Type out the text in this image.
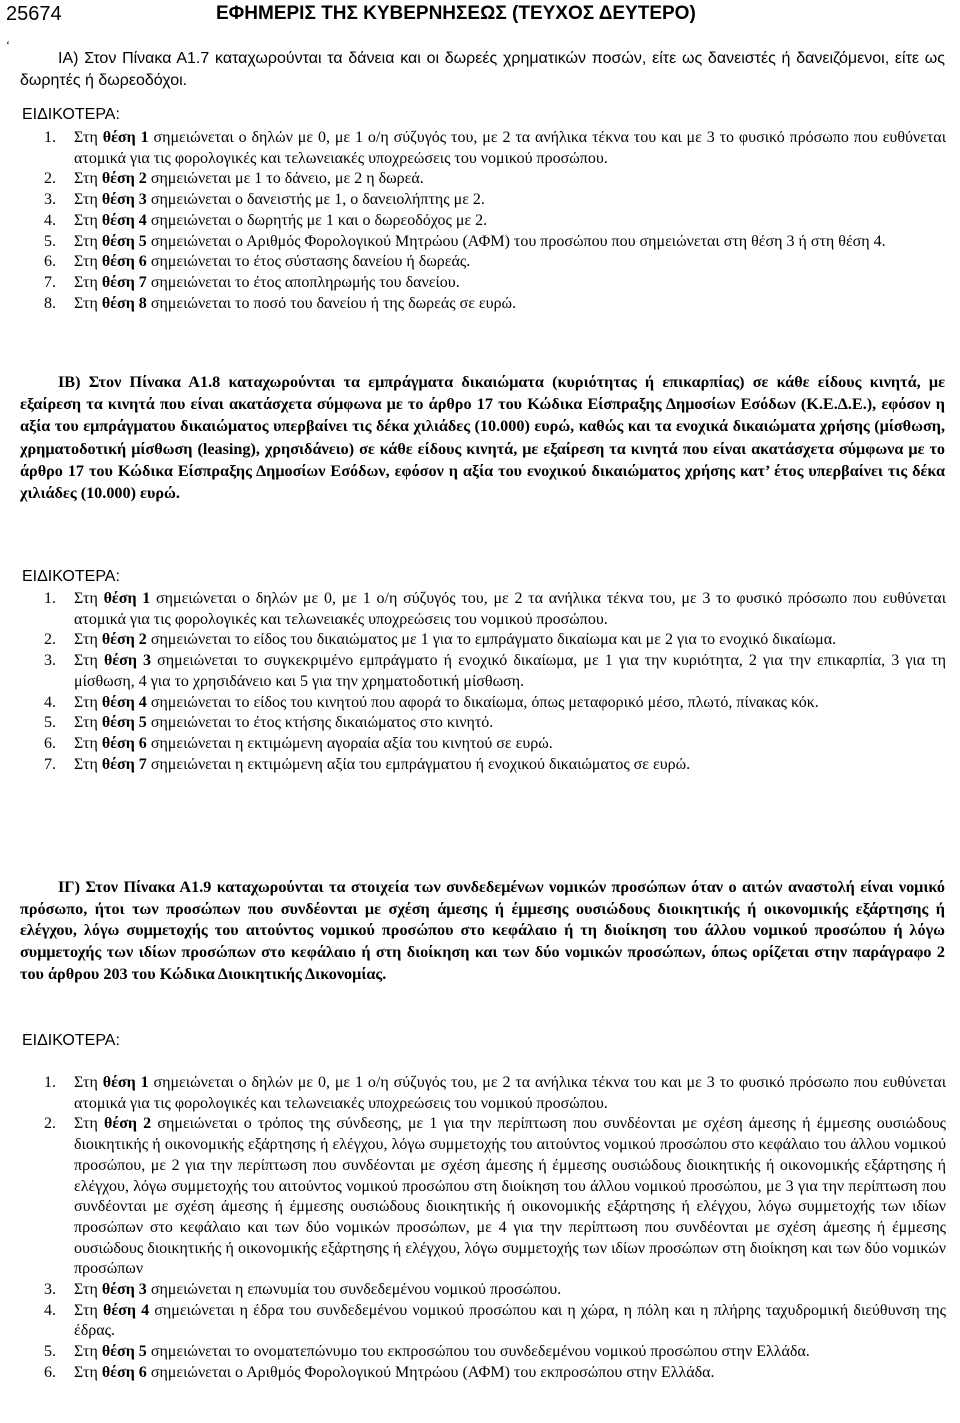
25674	ΕΦΗΜΕΡΙΣ ΤΗΣ ΚΥΒΕΡΝΗΣΕΩΣ (ΤΕΥΧΟΣ ΔΕΥΤΕΡΟ)
ʻ
ΙΑ) Στον Πίνακα Α1.7 καταχωρούνται τα δάνεια και οι δωρεές χρηματικών ποσών, είτε ως δανειστές ή δανειζόμενοι, είτε ως δωρητές ή δωρεοδόχοι.
ΕΙΔΙΚΟΤΕΡΑ:
1. Στη θέση 1 σημειώνεται ο δηλών με 0, με 1 ο/η σύζυγός του, με 2 τα ανήλικα τέκνα του και με 3 το φυσικό πρόσωπο που ευθύνεται ατομικά για τις φορολογικές και τελωνειακές υποχρεώσεις του νομικού προσώπου.
2. Στη θέση 2 σημειώνεται με 1 το δάνειο, με 2 η δωρεά.
3. Στη θέση 3 σημειώνεται ο δανειστής με 1, ο δανειολήπτης με 2.
4. Στη θέση 4 σημειώνεται ο δωρητής με 1 και ο δωρεοδόχος με 2.
5. Στη θέση 5 σημειώνεται ο Αριθμός Φορολογικού Μητρώου (ΑΦΜ) του προσώπου που σημειώνεται στη θέση 3 ή στη θέση 4.
6. Στη θέση 6 σημειώνεται το έτος σύστασης δανείου ή δωρεάς.
7. Στη θέση 7 σημειώνεται το έτος αποπληρωμής του δανείου.
8. Στη θέση 8 σημειώνεται το ποσό του δανείου ή της δωρεάς σε ευρώ.
ΙΒ) Στον Πίνακα Α1.8 καταχωρούνται τα εμπράγματα δικαιώματα (κυριότητας ή επικαρπίας) σε κάθε είδους κινητά, με εξαίρεση τα κινητά που είναι ακατάσχετα σύμφωνα με το άρθρο 17 του Κώδικα Είσπραξης Δημοσίων Εσόδων (Κ.Ε.Δ.Ε.), εφόσον η αξία του εμπράγματου δικαιώματος υπερβαίνει τις δέκα χιλιάδες (10.000) ευρώ, καθώς και τα ενοχικά δικαιώματα χρήσης (μίσθωση, χρηματοδοτική μίσθωση (leasing), χρησιδάνειο) σε κάθε είδους κινητά, με εξαίρεση τα κινητά που είναι ακατάσχετα σύμφωνα με το άρθρο 17 του Κώδικα Είσπραξης Δημοσίων Εσόδων, εφόσον η αξία του ενοχικού δικαιώματος χρήσης κατ’ έτος υπερβαίνει τις δέκα χιλιάδες (10.000) ευρώ.
ΕΙΔΙΚΟΤΕΡΑ:
1. Στη θέση 1 σημειώνεται ο δηλών με 0, με 1 ο/η σύζυγός του, με 2 τα ανήλικα τέκνα του, με 3 το φυσικό πρόσωπο που ευθύνεται ατομικά για τις φορολογικές και τελωνειακές υποχρεώσεις του νομικού προσώπου.
2. Στη θέση 2 σημειώνεται το είδος του δικαιώματος με 1 για το εμπράγματο δικαίωμα και με 2 για το ενοχικό δικαίωμα.
3. Στη θέση 3 σημειώνεται το συγκεκριμένο εμπράγματο ή ενοχικό δικαίωμα, με 1 για την κυριότητα, 2 για την επικαρπία, 3 για τη μίσθωση, 4 για το χρησιδάνειο και 5 για την χρηματοδοτική μίσθωση.
4. Στη θέση 4 σημειώνεται το είδος του κινητού που αφορά το δικαίωμα, όπως μεταφορικό μέσο, πλωτό, πίνακας κόκ.
5. Στη θέση 5 σημειώνεται το έτος κτήσης δικαιώματος στο κινητό.
6. Στη θέση 6 σημειώνεται η εκτιμώμενη αγοραία αξία του κινητού σε ευρώ.
7. Στη θέση 7 σημειώνεται η εκτιμώμενη αξία του εμπράγματου ή ενοχικού δικαιώματος σε ευρώ.
ΙΓ) Στον Πίνακα Α1.9 καταχωρούνται τα στοιχεία των συνδεδεμένων νομικών προσώπων όταν ο αιτών αναστολή είναι νομικό πρόσωπο, ήτοι των προσώπων που συνδέονται με σχέση άμεσης ή έμμεσης ουσιώδους διοικητικής ή οικονομικής εξάρτησης ή ελέγχου, λόγω συμμετοχής του αιτούντος νομικού προσώπου στο κεφάλαιο ή τη διοίκηση του άλλου νομικού προσώπου ή λόγω συμμετοχής των ιδίων προσώπων στο κεφάλαιο ή στη διοίκηση και των δύο νομικών προσώπων, όπως ορίζεται στην παράγραφο 2 του άρθρου 203 του Κώδικα Διοικητικής Δικονομίας.
ΕΙΔΙΚΟΤΕΡΑ:
1. Στη θέση 1 σημειώνεται ο δηλών με 0, με 1 ο/η σύζυγός του, με 2 τα ανήλικα τέκνα του και με 3 το φυσικό πρόσωπο που ευθύνεται ατομικά για τις φορολογικές και τελωνειακές υποχρεώσεις του νομικού προσώπου.
2. Στη θέση 2 σημειώνεται ο τρόπος της σύνδεσης, με 1 για την περίπτωση που συνδέονται με σχέση άμεσης ή έμμεσης ουσιώδους διοικητικής ή οικονομικής εξάρτησης ή ελέγχου, λόγω συμμετοχής του αιτούντος νομικού προσώπου στο κεφάλαιο του άλλου νομικού προσώπου, με 2 για την περίπτωση που συνδέονται με σχέση άμεσης ή έμμεσης ουσιώδους διοικητικής ή οικονομικής εξάρτησης ή ελέγχου, λόγω συμμετοχής του αιτούντος νομικού προσώπου στη διοίκηση του άλλου νομικού προσώπου, με 3 για την περίπτωση που συνδέονται με σχέση άμεσης ή έμμεσης ουσιώδους διοικητικής ή οικονομικής εξάρτησης ή ελέγχου, λόγω συμμετοχής των ιδίων προσώπων στο κεφάλαιο και των δύο νομικών προσώπων, με 4 για την περίπτωση που συνδέονται με σχέση άμεσης ή έμμεσης ουσιώδους διοικητικής ή οικονομικής εξάρτησης ή ελέγχου, λόγω συμμετοχής των ιδίων προσώπων στη διοίκηση και των δύο νομικών προσώπων
3. Στη θέση 3 σημειώνεται η επωνυμία του συνδεδεμένου νομικού προσώπου.
4. Στη θέση 4 σημειώνεται η έδρα του συνδεδεμένου νομικού προσώπου και η χώρα, η πόλη και η πλήρης ταχυδρομική διεύθυνση της έδρας.
5. Στη θέση 5 σημειώνεται το ονοματεπώνυμο του εκπροσώπου του συνδεδεμένου νομικού προσώπου στην Ελλάδα.
6. Στη θέση 6 σημειώνεται ο Αριθμός Φορολογικού Μητρώου (ΑΦΜ) του εκπροσώπου στην Ελλάδα.
